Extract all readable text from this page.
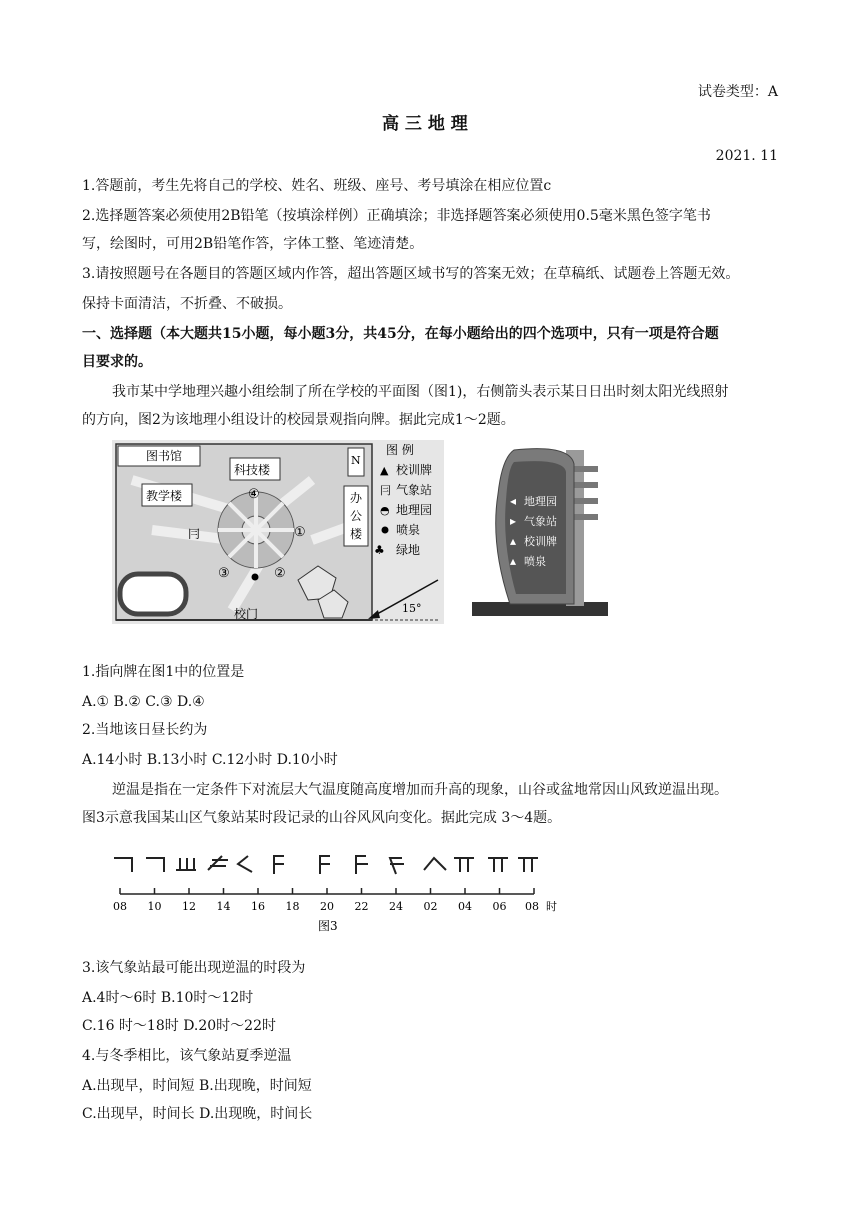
试卷类型：A
高 三 地 理
2021. 11
1.答题前，考生先将自己的学校、姓名、班级、座号、考号填涂在相应位置c
2.选择题答案必须使用2B铅笔（按填涂样例）正确填涂；非选择题答案必须使用0.5毫米黑色签字笔书
写，绘图时，可用2B铅笔作答，字体工整、笔迹清楚。
3.请按照题号在各题目的答题区域内作答，超出答题区域书写的答案无效；在草稿纸、试题卷上答题无效。
保持卡面清洁，不折叠、不破损。
一、选择题（本大题共15小题，每小题3分，共45分，在每小题给出的四个选项中，只有一项是符合题
目要求的。
我市某中学地理兴趣小组绘制了所在学校的平面图（图1)，右侧箭头表示某日日出时刻太阳光线照射
的方向，图2为该地理小组设计的校园景观指向牌。据此完成1～2题。
图书馆
科技楼
教学楼	办
公
楼
N
④
①
②
③
冃
校门	15°
图 例
▲ 校训牌
冃 气象站
◓ 地理园
喷泉
♣ 绿地
◂ 地理园
▸ 气象站
▴ 校训牌
▴ 喷泉
1.指向牌在图1中的位置是
A.① B.② C.③ D.④
2.当地该日昼长约为
A.14小时 B.13小时 C.12小时 D.10小时
逆温是指在一定条件下对流层大气温度随高度增加而升高的现象，山谷或盆地常因山风致逆温出现。
图3示意我国某山区气象站某时段记录的山谷风风向变化。据此完成 3～4题。
08 10 12 14 16 18 20 22 24 02 04 06 08 时
图3
3.该气象站最可能出现逆温的时段为
A.4时～6时 B.10时～12时
C.16 时～18时 D.20时～22时
4.与冬季相比，该气象站夏季逆温
A.出现早，时间短 B.出现晚，时间短
C.出现早，时间长 D.出现晚，时间长
